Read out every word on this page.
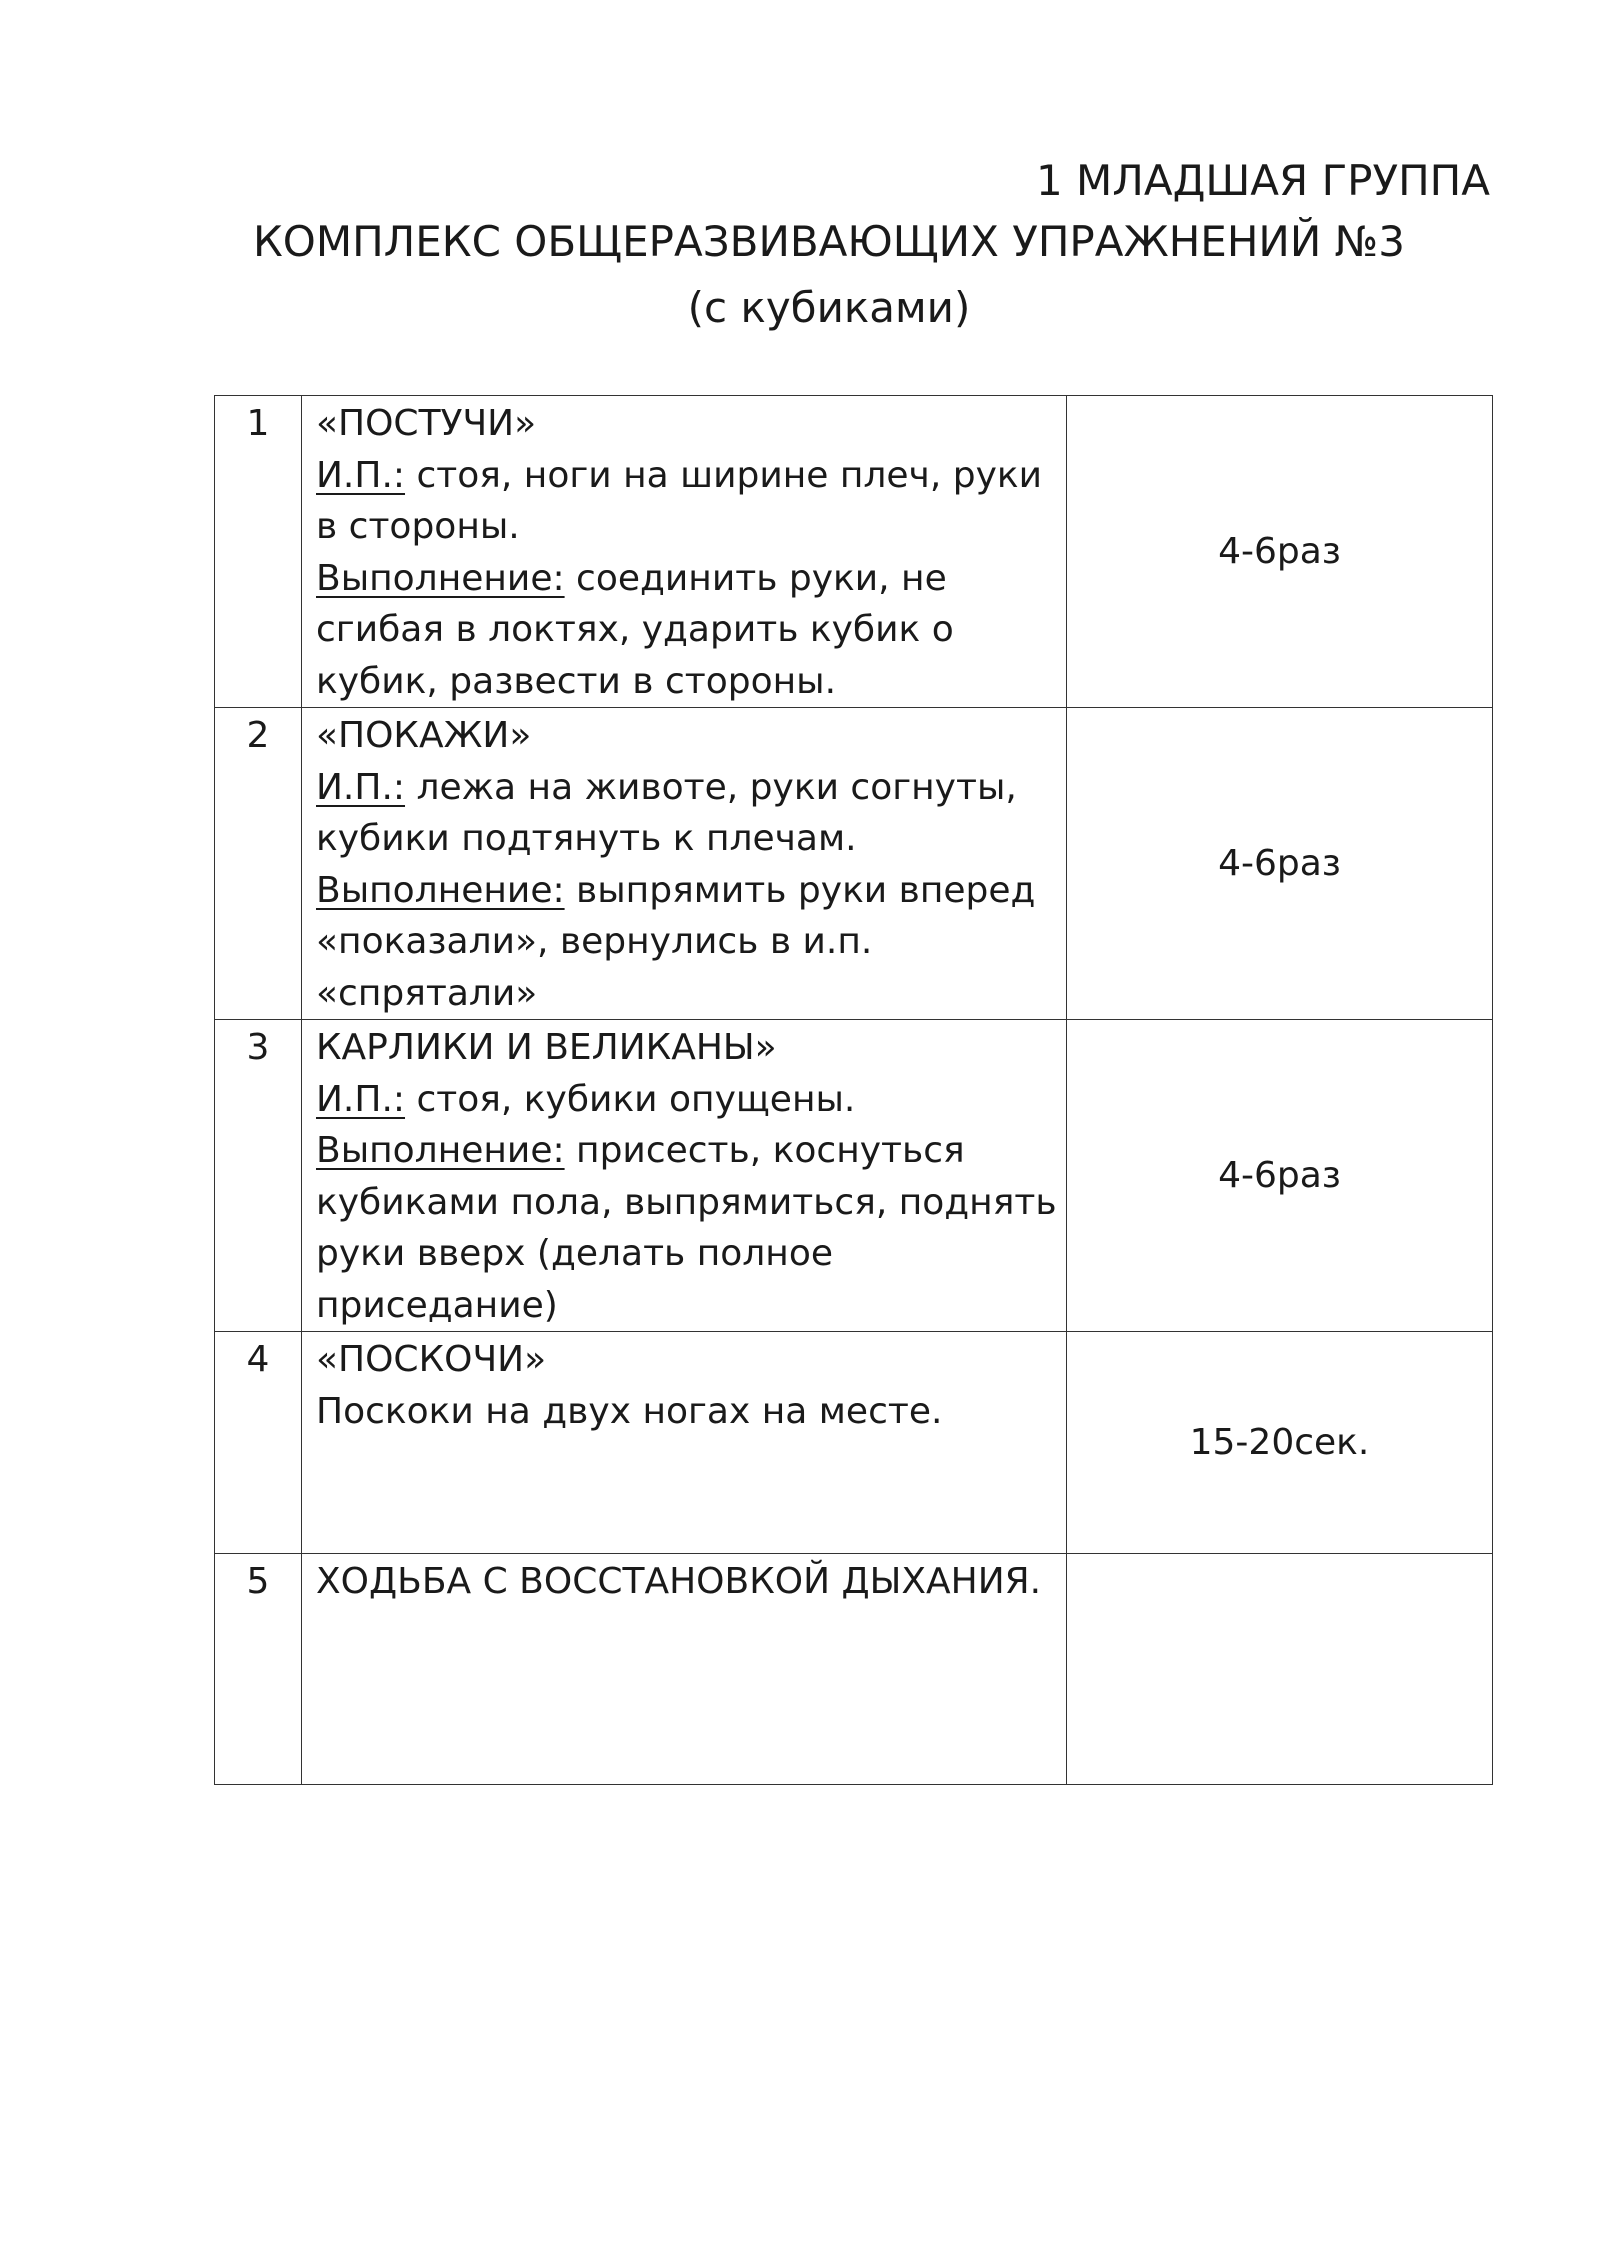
1 МЛАДШАЯ ГРУППА
КОМПЛЕКС ОБЩЕРАЗВИВАЮЩИХ УПРАЖНЕНИЙ №3
(с кубиками)
1	«ПОСТУЧИ»
И.П.: стоя, ноги на ширине плеч, руки в стороны.
Выполнение: соединить руки, не сгибая в локтях, ударить кубик о кубик, развести в стороны.	4-6раз
2	«ПОКАЖИ»
И.П.: лежа на животе, руки согнуты, кубики подтянуть к плечам.
Выполнение: выпрямить руки вперед «показали», вернулись в и.п. «спрятали»	4-6раз
3	КАРЛИКИ И ВЕЛИКАНЫ»
И.П.: стоя, кубики опущены.
Выполнение: присесть, коснуться кубиками пола, выпрямиться, поднять руки вверх (делать полное приседание)	4-6раз
4	«ПОСКОЧИ»
Поскоки на двух ногах на месте.	15-20сек.
5	ХОДЬБА С ВОССТАНОВКОЙ ДЫХАНИЯ.	
